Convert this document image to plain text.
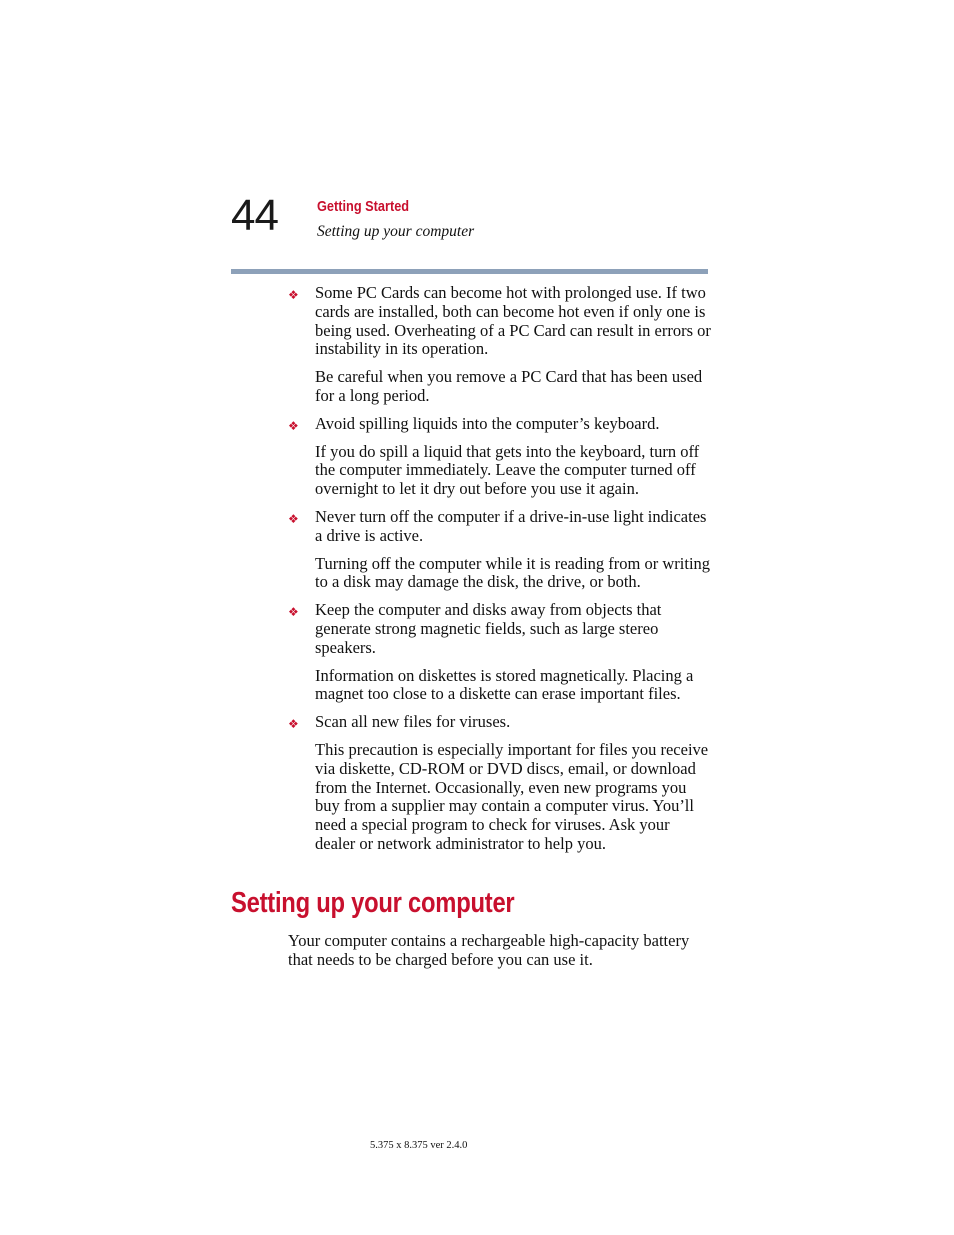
44	Getting Started
Setting up your computer
❖ Some PC Cards can become hot with prolonged use. If two cards are installed, both can become hot even if only one is being used. Overheating of a PC Card can result in errors or instability in its operation.
Be careful when you remove a PC Card that has been used for a long period.
❖ Avoid spilling liquids into the computer’s keyboard.
If you do spill a liquid that gets into the keyboard, turn off the computer immediately. Leave the computer turned off overnight to let it dry out before you use it again.
❖ Never turn off the computer if a drive-in-use light indicates a drive is active.
Turning off the computer while it is reading from or writing to a disk may damage the disk, the drive, or both.
❖ Keep the computer and disks away from objects that generate strong magnetic fields, such as large stereo speakers.
Information on diskettes is stored magnetically. Placing a magnet too close to a diskette can erase important files.
❖ Scan all new files for viruses.
This precaution is especially important for files you receive via diskette, CD-ROM or DVD discs, email, or download from the Internet. Occasionally, even new programs you buy from a supplier may contain a computer virus. You’ll need a special program to check for viruses. Ask your dealer or network administrator to help you.
Setting up your computer
Your computer contains a rechargeable high-capacity battery that needs to be charged before you can use it.
5.375 x 8.375 ver 2.4.0
